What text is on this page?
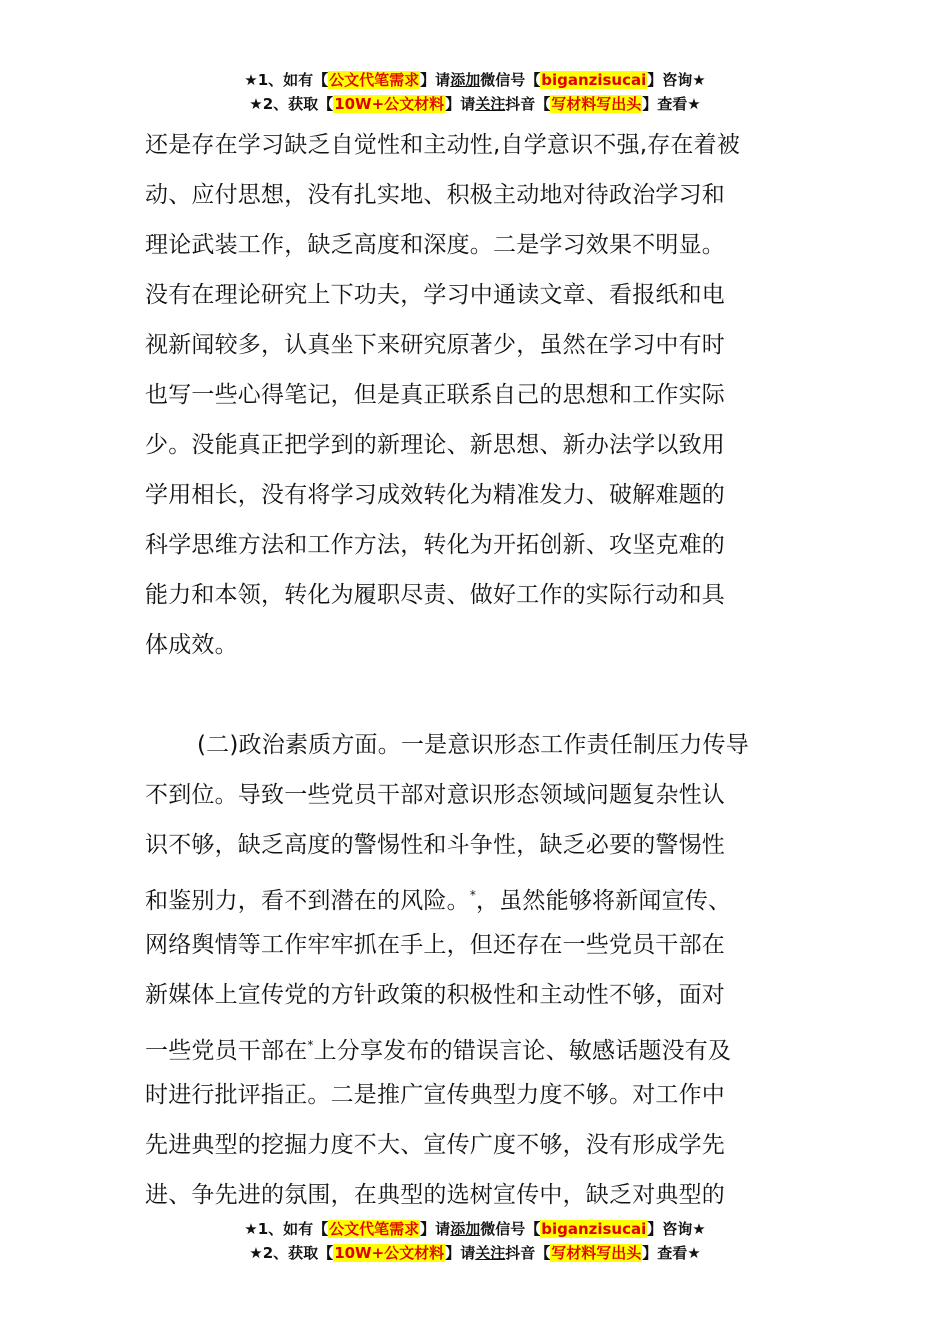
★1、如有【公文代笔需求】请添加微信号【biganzisucai】咨询★
★2、获取【10W+公文材料】请关注抖音【写材料写出头】查看★
还是存在学习缺乏自觉性和主动性,自学意识不强,存在着被
动、应付思想，没有扎实地、积极主动地对待政治学习和
理论武装工作，缺乏高度和深度。二是学习效果不明显。
没有在理论研究上下功夫，学习中通读文章、看报纸和电
视新闻较多，认真坐下来研究原著少，虽然在学习中有时
也写一些心得笔记，但是真正联系自己的思想和工作实际
少。没能真正把学到的新理论、新思想、新办法学以致用
学用相长，没有将学习成效转化为精准发力、破解难题的
科学思维方法和工作方法，转化为开拓创新、攻坚克难的
能力和本领，转化为履职尽责、做好工作的实际行动和具
体成效。
(二)政治素质方面。一是意识形态工作责任制压力传导
不到位。导致一些党员干部对意识形态领域问题复杂性认
识不够，缺乏高度的警惕性和斗争性，缺乏必要的警惕性
和鉴别力，看不到潜在的风险。*，虽然能够将新闻宣传、
网络舆情等工作牢牢抓在手上，但还存在一些党员干部在
新媒体上宣传党的方针政策的积极性和主动性不够，面对
一些党员干部在*上分享发布的错误言论、敏感话题没有及
时进行批评指正。二是推广宣传典型力度不够。对工作中
先进典型的挖掘力度不大、宣传广度不够，没有形成学先
进、争先进的氛围，在典型的选树宣传中，缺乏对典型的
★1、如有【公文代笔需求】请添加微信号【biganzisucai】咨询★
★2、获取【10W+公文材料】请关注抖音【写材料写出头】查看★
